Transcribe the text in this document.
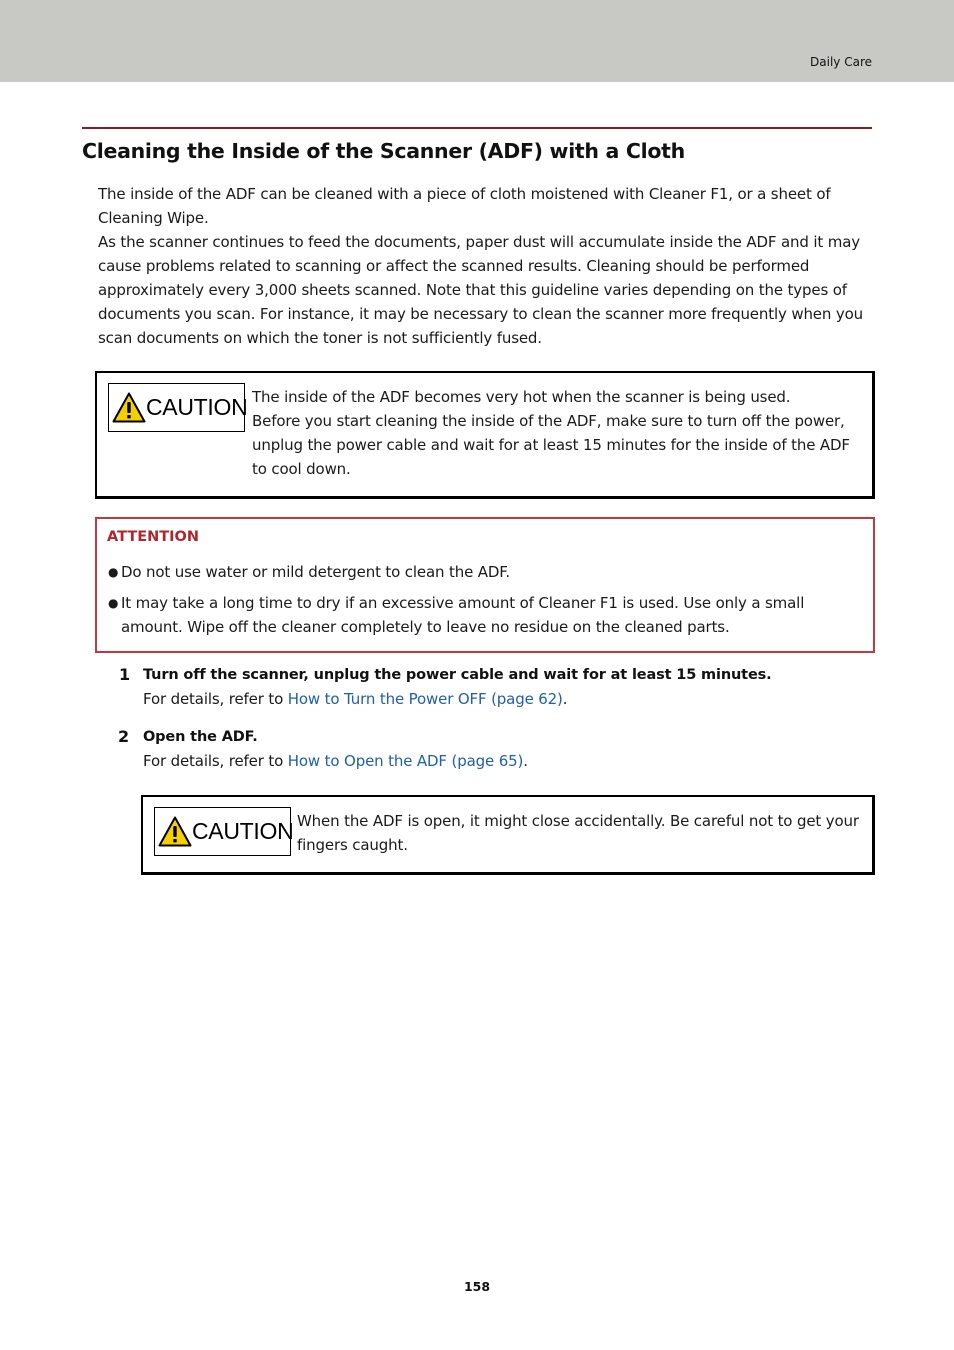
Daily Care
Cleaning the Inside of the Scanner (ADF) with a Cloth

The inside of the ADF can be cleaned with a piece of cloth moistened with Cleaner F1, or a sheet of Cleaning Wipe.

As the scanner continues to feed the documents, paper dust will accumulate inside the ADF and it may cause problems related to scanning or affect the scanned results. Cleaning should be performed approximately every 3,000 sheets scanned. Note that this guideline varies depending on the types of documents you scan. For instance, it may be necessary to clean the scanner more frequently when you scan documents on which the toner is not sufficiently fused.

CAUTION The inside of the ADF becomes very hot when the scanner is being used.

Before you start cleaning the inside of the ADF, make sure to turn off the power, unplug the power cable and wait for at least 15 minutes for the inside of the ADF to cool down.

ATTENTION
● Do not use water or mild detergent to clean the ADF.
● It may take a long time to dry if an excessive amount of Cleaner F1 is used. Use only a small amount. Wipe off the cleaner completely to leave no residue on the cleaned parts.
1 Turn off the scanner, unplug the power cable and wait for at least 15 minutes.
For details, refer to How to Turn the Power OFF (page 62).
2 Open the ADF.
For details, refer to How to Open the ADF (page 65).
CAUTION When the ADF is open, it might close accidentally. Be careful not to get your fingers caught.
158
